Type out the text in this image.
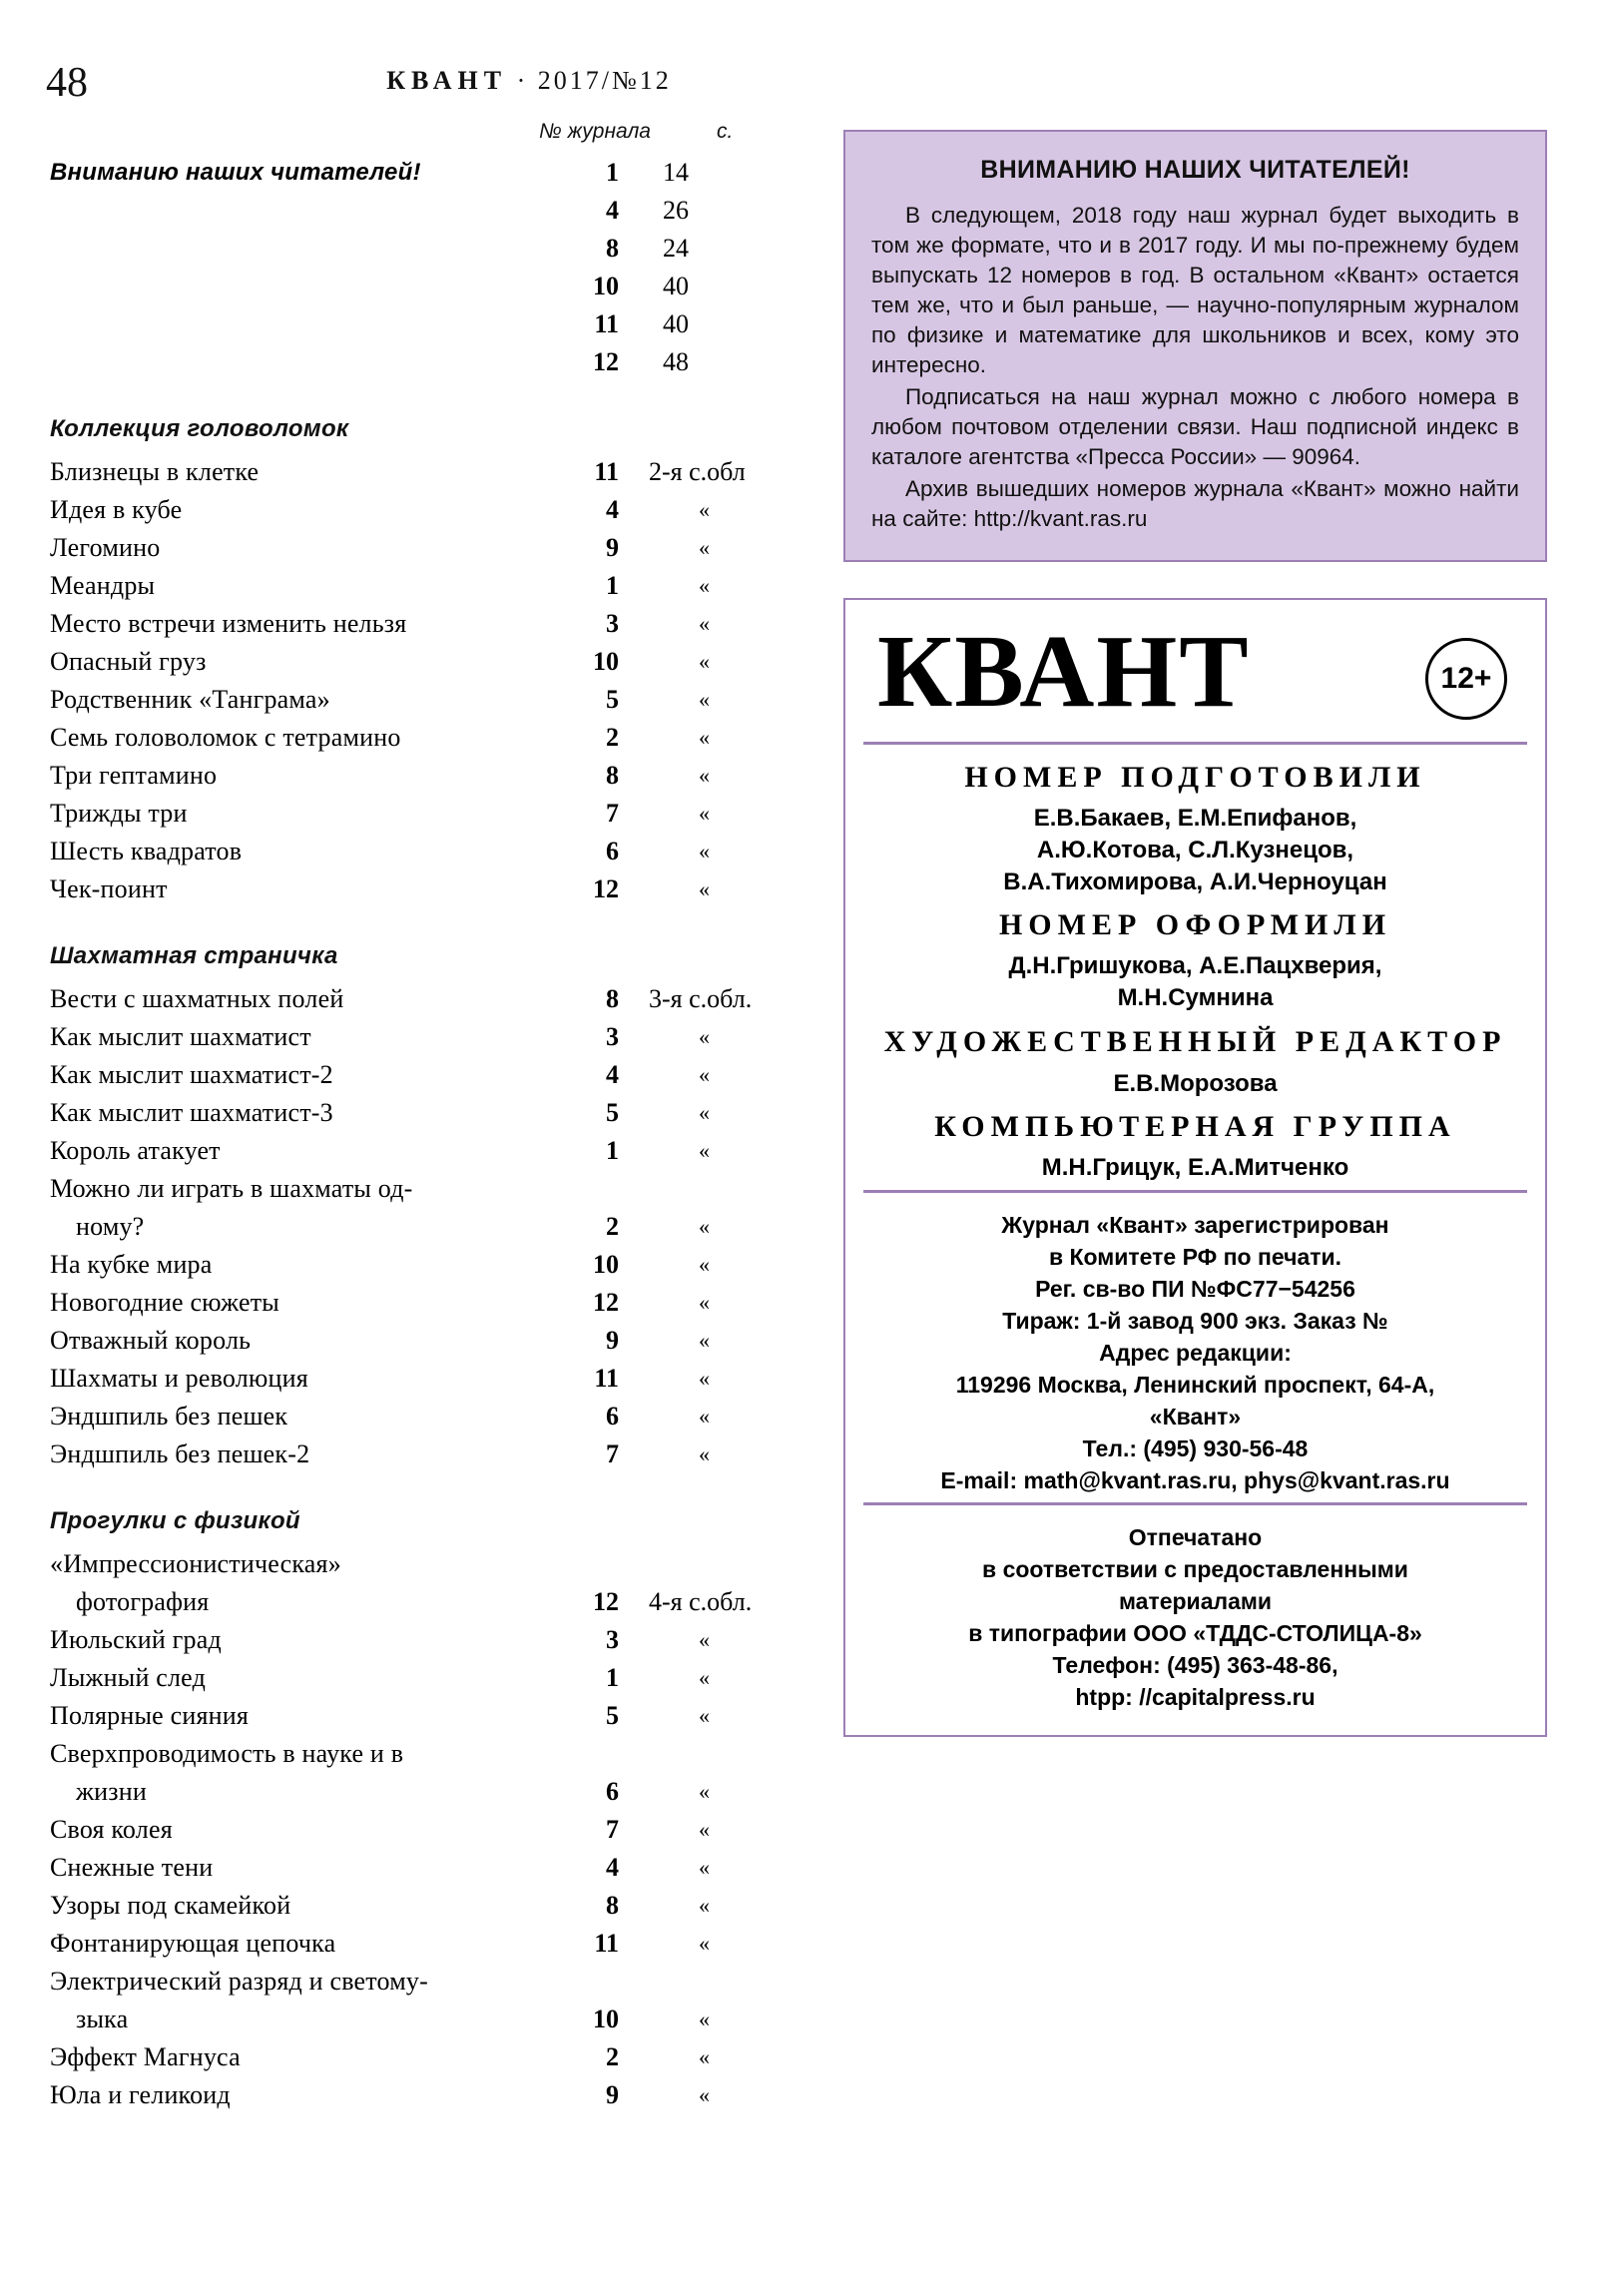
48	КВАНТ · 2017/№12
№ журнала	с.
Вниманию наших читателей!	1 14
4 26
8 24
10 40
11 40
12 48
Коллекция головоломок
Близнецы в клетке	11 2-я с.обл
Идея в кубе	4	«
Легомино	9	«
Меандры	1	«
Место встречи изменить нельзя	3	«
Опасный груз	10	«
Родственник «Танграма»	5	«
Семь головоломок с тетрамино	2	«
Три гептамино	8	«
Трижды три	7	«
Шесть квадратов	6	«
Чек-поинт	12	«
Шахматная страничка
Вести с шахматных полей	8 3-я с.обл.
Как мыслит шахматист	3	«
Как мыслит шахматист-2	4	«
Как мыслит шахматист-3	5	«
Король атакует	1	«
Можно ли играть в шахматы од-
ному?	2	«
На кубке мира	10	«
Новогодние сюжеты	12	«
Отважный король	9	«
Шахматы и революция	11	«
Эндшпиль без пешек	6	«
Эндшпиль без пешек-2	7	«
Прогулки с физикой
«Импрессионистическая»
фотография	12 4-я с.обл.
Июльский град	3	«
Лыжный след	1	«
Полярные сияния	5	«
Сверхпроводимость в науке и в
жизни	6	«
Своя колея	7	«
Снежные тени	4	«
Узоры под скамейкой	8	«
Фонтанирующая цепочка	11	«
Электрический разряд и светому-
зыка	10	«
Эффект Магнуса	2	«
Юла и геликоид	9	«
ВНИМАНИЮ НАШИХ ЧИТАТЕЛЕЙ!

В следующем, 2018 году наш журнал будет выходить в том же формате, что и в 2017 году. И мы по-прежнему будем выпускать 12 номеров в год. В остальном «Квант» остается тем же, что и был раньше, — научно-популярным журналом по физике и математике для школьников и всех, кому это интересно.

Подписаться на наш журнал можно с любого номера в любом почтовом отделении связи. Наш подписной индекс в каталоге агентства «Пресса России» — 90964.

Архив вышедших номеров журнала «Квант» можно найти на сайте: http://kvant.ras.ru

КВАНТ	12+
НОМЕР ПОДГОТОВИЛИ
Е.В.Бакаев, Е.М.Епифанов,
А.Ю.Котова, С.Л.Кузнецов,
В.А.Тихомирова, А.И.Черноуцан
НОМЕР ОФОРМИЛИ
Д.Н.Гришукова, А.Е.Пацхверия,
М.Н.Сумнина
ХУДОЖЕСТВЕННЫЙ РЕДАКТОР
Е.В.Морозова
КОМПЬЮТЕРНАЯ ГРУППА
М.Н.Грицук, Е.А.Митченко

Журнал «Квант» зарегистрирован

в Комитете РФ по печати.

Рег. св-во ПИ №ФС77−54256

Тираж: 1-й завод 900 экз. Заказ №

Адрес редакции:

119296 Москва, Ленинский проспект, 64-А,

«Квант»

Тел.: (495) 930-56-48

E-mail: math@kvant.ras.ru, phys@kvant.ras.ru

Отпечатано

в соответствии с предоставленными

материалами

в типографии ООО «ТДДС-СТОЛИЦА-8»

Телефон: (495) 363-48-86,

htpp: //capitalpress.ru
